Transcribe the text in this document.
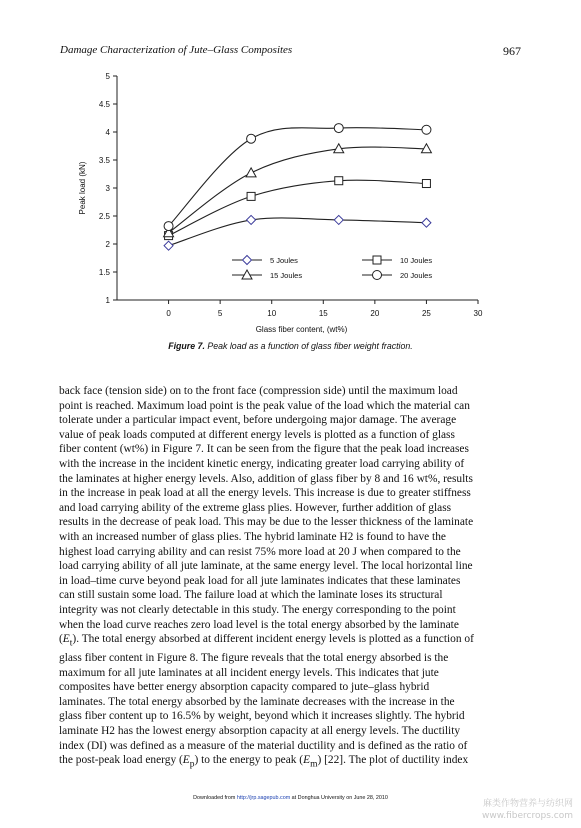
Damage Characterization of Jute–Glass Composites	967
1
1.5
2
2.5
3
3.5
4
4.5
5
0	5	10	15	20	25	30
Glass fiber content, (wt%)
Peak load (kN)
5 Joules	10 Joules
15 Joules	20 Joules
Figure 7. Peak load as a function of glass fiber weight fraction.

back face (tension side) on to the front face (compression side) until the maximum load

point is reached. Maximum load point is the peak value of the load which the material can

tolerate under a particular impact event, before undergoing major damage. The average

value of peak loads computed at different energy levels is plotted as a function of glass

fiber content (wt%) in Figure 7. It can be seen from the figure that the peak load increases

with the increase in the incident kinetic energy, indicating greater load carrying ability of

the laminates at higher energy levels. Also, addition of glass fiber by 8 and 16 wt%, results

in the increase in peak load at all the energy levels. This increase is due to greater stiffness

and load carrying ability of the extreme glass plies. However, further addition of glass

results in the decrease of peak load. This may be due to the lesser thickness of the laminate

with an increased number of glass plies. The hybrid laminate H2 is found to have the

highest load carrying ability and can resist 75% more load at 20 J when compared to the

load carrying ability of all jute laminate, at the same energy level. The local horizontal line

in load–time curve beyond peak load for all jute laminates indicates that these laminates

can still sustain some load. The failure load at which the laminate loses its structural

integrity was not clearly detectable in this study. The energy corresponding to the point

when the load curve reaches zero load level is the total energy absorbed by the laminate

$(E_t)$. The total energy absorbed at different incident energy levels is plotted as a function of

glass fiber content in Figure 8. The figure reveals that the total energy absorbed is the

maximum for all jute laminates at all incident energy levels. This indicates that jute

composites have better energy absorption capacity compared to jute–glass hybrid

laminates. The total energy absorbed by the laminate decreases with the increase in the

glass fiber content up to 16.5% by weight, beyond which it increases slightly. The hybrid

laminate H2 has the lowest energy absorption capacity at all energy levels. The ductility

index (DI) was defined as a measure of the material ductility and is defined as the ratio of

the post-peak load energy $(E_p)$ to the energy to peak $(E_m)$ [22]. The plot of ductility index

Downloaded from http://jrp.sagepub.com at Donghua University on June 28, 2010
麻类作物营养与纺织网
www.fibercrops.com
